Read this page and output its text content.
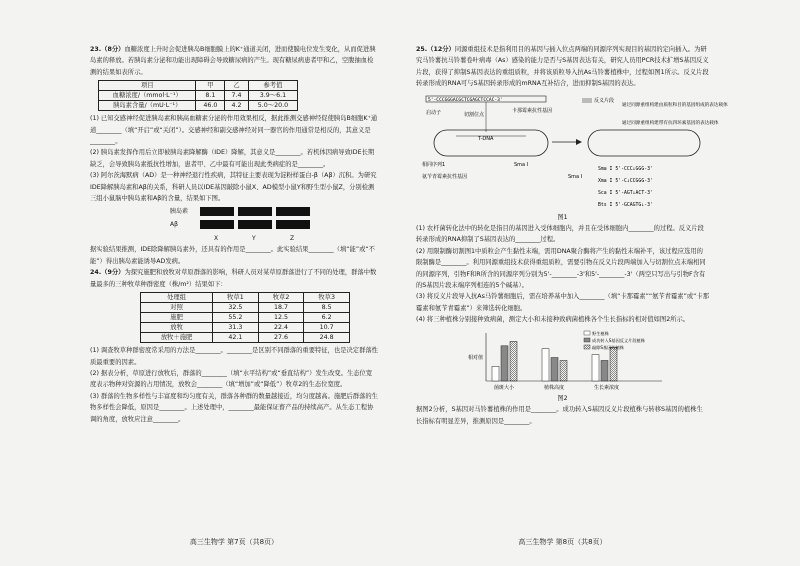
23.（8分）血糖浓度上升时会促进胰岛B细胞膜上的K⁺通道关闭，进而使膜电位发生变化，从而促进胰岛素的释放。若胰岛素分泌和功能出现障碍会导致糖尿病的产生。现有糖尿病患者甲和乙，空腹抽血检测的结果如表所示。

项目	甲	乙	参考值
血糖浓度/（mmol·L⁻¹）	8.1	7.4	3.9～6.1
胰岛素含量/（mU·L⁻¹）	46.0	4.2	5.0～20.0

(1) 已知交感神经促进胰岛素和胰高血糖素分泌的作用效果相反，据此推测交感神经促使胰岛B细胞K⁺通道________（填“开启”或“关闭”）。交感神经和副交感神经对同一器官的作用通常是相反的，其意义是________。

(2) 胰岛素发挥作用后立即被胰岛素降解酶（IDE）降解，其意义是________。若机体因病导致IDE长期缺乏，会导致胰岛素抵抗性增加，患者甲、乙中最有可能出现此类病症的是________。

(3) 阿尔茨海默病（AD）是一种神经退行性疾病，其特征主要表现为淀粉样蛋白-β（Aβ）沉积。为研究IDE降解胰岛素和Aβ的关系，科研人员以IDE基因敲除小鼠X、AD模型小鼠Y和野生型小鼠Z，分别检测三组小鼠脑中胰岛素和Aβ的含量，结果如下图。

胰岛素
Aβ
X	Y	Z

据实验结果推测，IDE除降解胰岛素外，还具有的作用是________。此实验结果________（填“能”或“不能”）得出胰岛素能诱导AD发病。

24.（9分）为探究施肥和放牧对草原群落的影响，科研人员对某草原群落进行了不同的处理，群落中数量最多的三种牧草种群密度（株/m²）结果如下：

处理组	牧草1	牧草2	牧草3
对照	32.5	18.7	8.5
施肥	55.2	12.5	6.2
放牧	31.3	22.4	10.7
放牧＋施肥	42.1	27.6	24.8

(1) 调查牧草种群密度常采用的方法是________。________是区别不同群落的重要特征，也是决定群落性质最重要的因素。

(2) 据表分析，草原进行放牧后，群落的________（填“水平结构”或“垂直结构”）发生改变。生态位宽度表示物种对资源的占用情况，放牧会________（填“增加”或“降低”）牧草2的生态位宽度。

(3) 群落的生物多样性与丰富度和均匀度有关，群落各种群的数量越接近，均匀度越高。施肥后群落的生物多样性会降低，原因是________。上述处理中，________最能保证畜产品的持续高产。从生态工程协调的角度，放牧应注意________。

高三生物学 第7页（共8页）

25.（12分）同源重组技术是指利用目的基因与插入位点两端的同源序列实现目的基因的定向插入。为研究马铃薯抗马铃薯卷叶病毒（As）感染的能力是否与S基因表达有关，研究人员用PCR技术扩增S基因反义片段，获得了抑制S基因表达的重组质粒，并将该质粒导入抗As马铃薯植株中，过程如图1所示。反义片段转录形成的RNA可与S基因转录形成的mRNA互补结合，进而抑制S基因的表达。

5'-CCCGGGACGCTCGAGCTCCAC-3'
启动子	切割位点
卡那霉素抗性基因
T-DNA
相同序列1	Sma I
氨苄青霉素抗性基因
反义片段
通过同源重组构建由质粒和目的基因组成的表达载体
通过同源重组构建带有抗四环素基因的表达载体
Sma I
Sma I 5'-CCC↓GGG-3'
Xma I 5'-C↓CCGGG-3'
Sca I 5'-AGT↓ACT-3'
Bts I 5'-GCAGTG↓-3'
图1

(1) 农杆菌转化法中的转化是指目的基因进入受体细胞内，并且在受体细胞内________的过程。反义片段转录形成的RNA抑制了S基因表达的________过程。

(2) 用限制酶切割图1中质粒会产生黏性末端，需用DNA聚合酶将产生的黏性末端补平，该过程应选用的限制酶是________。利用同源重组技术获得重组质粒，需要引物在反义片段两端加入与切割位点末端相同的同源序列，引物F和R所含的同源序列分别为5'-________-3'和5'-________-3'（两空只写出与引物F含有的S基因片段末端序列相连的5个碱基）。

(3) 将反义片段导入抗As马铃薯细胞后，需在培养基中加入________（填“卡那霉素”“氨苄青霉素”或“卡那霉素和氨苄青霉素”）来筛选转化细胞。

(4) 将三种植株分别接种致病菌，测定大小和未接种致病菌植株各个生长指标的相对值如图2所示。

相对值
菌斑大小	植株高度	生长素浓度
野生植株
成功转入S基因反义片段植株
敲除S基因的植株
图2

据图2分析，S基因对马铃薯植株的作用是________。成功转入S基因反义片段植株与转移S基因的植株生长指标有明显差异，推测原因是________。

高三生物学 第8页（共8页）
